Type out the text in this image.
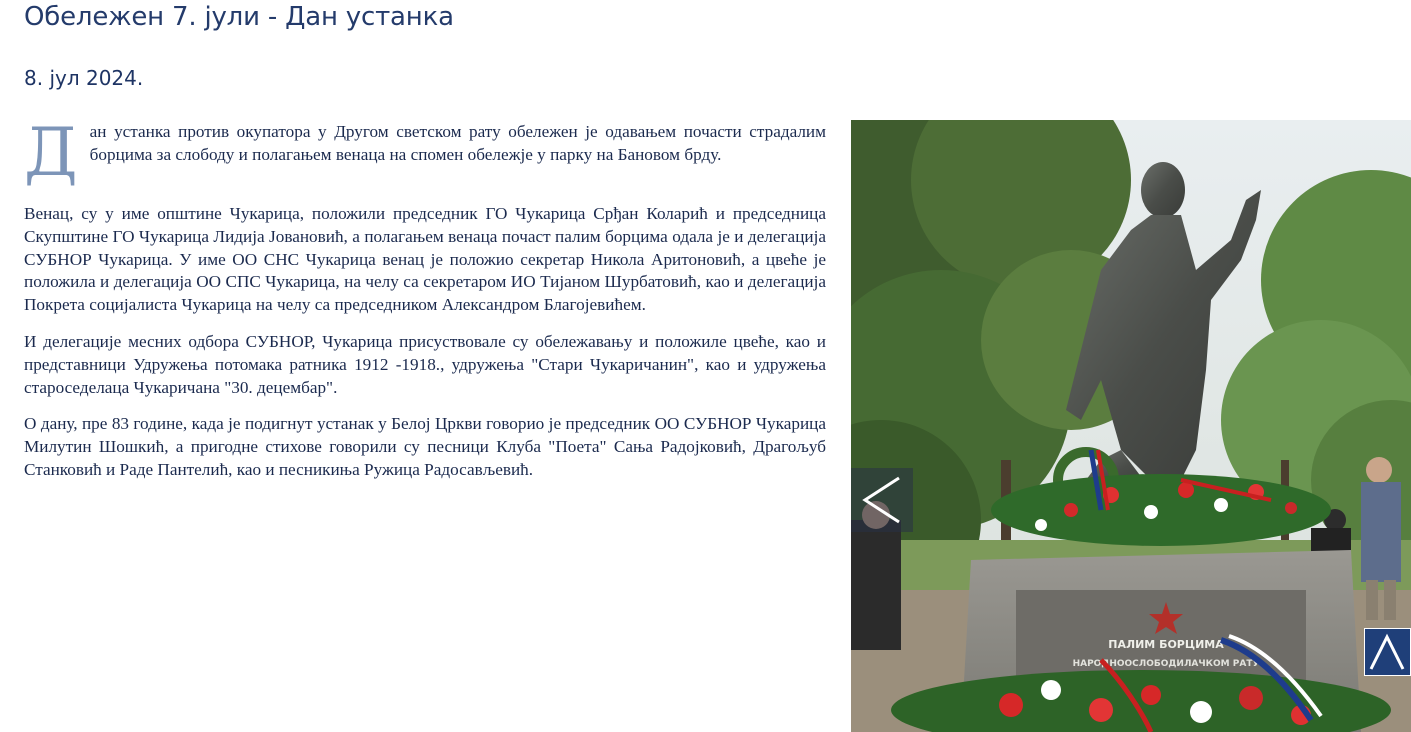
Обележен 7. јули - Дан устанка
8. јул 2024.

Д ан устанка против окупатора у Другом светском рату обележен је одавањем почасти страдалим борцима за слободу и полагањем венаца на спомен обележје у парку на Бановом брду.

Венац, су у име општине Чукарица, положили председник ГО Чукарица Срђан Коларић и председница Скупштине ГО Чукарица Лидија Јовановић, а полагањем венаца почаст палим борцима одала је и делегација СУБНОР Чукарица. У име ОО СНС Чукарица венац је положио секретар Никола Аритоновић, а цвеће је положила и делегација ОО СПС Чукарица, на челу са секретаром ИО Тијаном Шурбатовић, као и делегација Покрета социјалиста Чукарица на челу са председником Александром Благојевићем.

И делегације месних одбора СУБНОР, Чукарица присуствовале су обележавању и положиле цвеће, као и представници Удружења потомака ратника 1912 -1918., удружења "Стари Чукаричанин", као и удружења староседелаца Чукаричана "30. децембар".

О дану, пре 83 године, када је подигнут устанак у Белој Цркви говорио је председник ОО СУБНОР Чукарица Милутин Шошкић, а пригодне стихове говорили су песници Клуба "Поета" Сања Радојковић, Драгољуб Станковић и Раде Пантелић, као и песникиња Ружица Радосављевић.

ПАЛИМ БОРЦИМА
НАРОДНООСЛОБОДИЛАЧКОМ РАТУ
